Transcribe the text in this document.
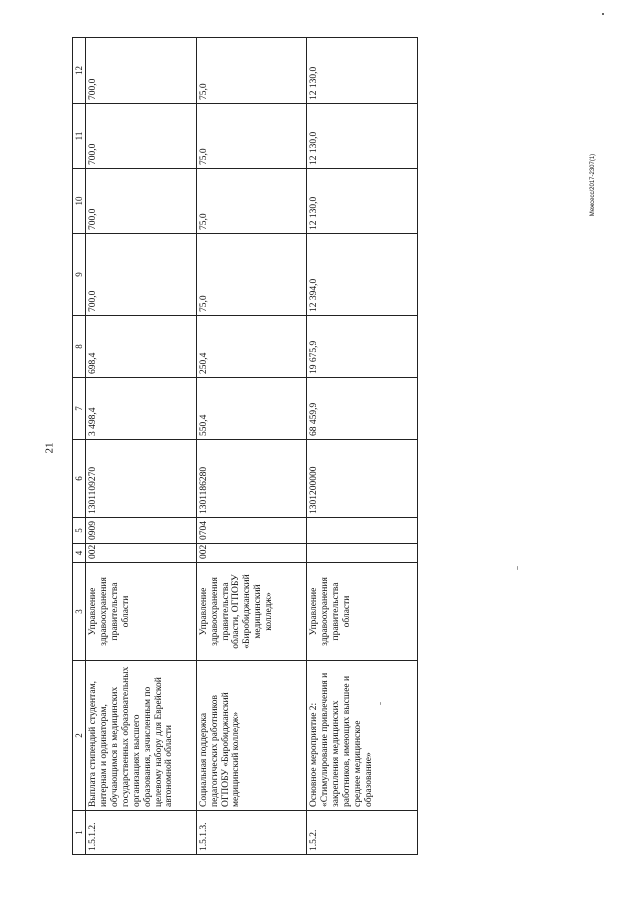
21
1	2	3	4	5	6	7	8	9	10	11	12
1.5.1.2.	Выплата стипендий студентам, интернам и ординаторам, обучающимся в медицинских государственных образовательных организациях высшего образования, зачисленным по целевому набору для Еврейской автономной области	Управление здравоохранения правительства области	002	0909	1301109270	3 498,4	698,4	700,0	700,0	700,0	700,0
1.5.1.3.	Социальная поддержка педагогических работников ОГПОБУ «Биробиджанский медицинский колледж»	Управление здравоохранения правительства области, ОГПОБУ «Биробиджанский медицинский колледж»	002	0704	1301186280	550,4	250,4	75,0	75,0	75,0	75,0
1.5.2.	Основное мероприятие 2: «Стимулирование привлечения и закрепления медицинских работников, имеющих высшее и среднее медицинское образование»	Управление здравоохранения правительства области			1301200000	68 459,9	19 675,9	12 394,0	12 130,0	12 130,0	12 130,0
Межсесс/2017-2307(1)
